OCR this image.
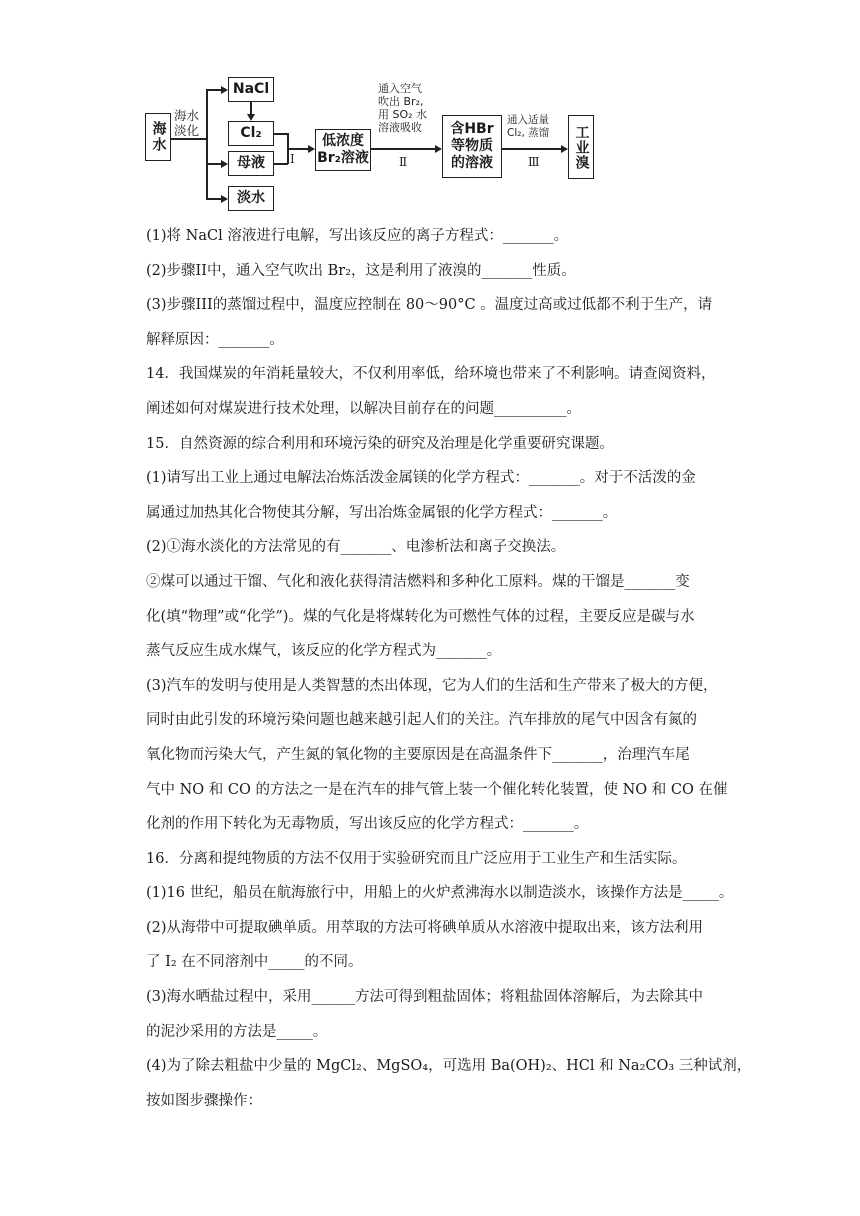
海水
海水
淡化
NaCl
Cl₂
母液
淡水
Ⅰ
低浓度
Br₂溶液
通入空气
吹出 Br₂,
用 SO₂ 水
溶液吸收
Ⅱ
含HBr
等物质
的溶液
通入适量
Cl₂, 蒸馏
Ⅲ 工业溴
(1)将 NaCl 溶液进行电解，写出该反应的离子方程式：_______。
(2)步骤II中，通入空气吹出 Br₂，这是利用了液溴的_______性质。
(3)步骤III的蒸馏过程中，温度应控制在 80～90°C 。温度过高或过低都不利于生产，请
解释原因：_______。
14．我国煤炭的年消耗量较大，不仅利用率低，给环境也带来了不利影响。请查阅资料，
阐述如何对煤炭进行技术处理，以解决目前存在的问题__________。
15．自然资源的综合利用和环境污染的研究及治理是化学重要研究课题。
(1)请写出工业上通过电解法冶炼活泼金属镁的化学方程式：_______。对于不活泼的金
属通过加热其化合物使其分解，写出冶炼金属银的化学方程式：_______。
(2)①海水淡化的方法常见的有_______、电渗析法和离子交换法。
②煤可以通过干馏、气化和液化获得清洁燃料和多种化工原料。煤的干馏是_______变
化(填“物理”或“化学”)。煤的气化是将煤转化为可燃性气体的过程，主要反应是碳与水
蒸气反应生成水煤气，该反应的化学方程式为_______。
(3)汽车的发明与使用是人类智慧的杰出体现，它为人们的生活和生产带来了极大的方便，
同时由此引发的环境污染问题也越来越引起人们的关注。汽车排放的尾气中因含有氮的
氧化物而污染大气，产生氮的氧化物的主要原因是在高温条件下_______，治理汽车尾
气中 NO 和 CO 的方法之一是在汽车的排气管上装一个催化转化装置，使 NO 和 CO 在催
化剂的作用下转化为无毒物质，写出该反应的化学方程式：_______。
16．分离和提纯物质的方法不仅用于实验研究而且广泛应用于工业生产和生活实际。
(1)16 世纪，船员在航海旅行中，用船上的火炉煮沸海水以制造淡水，该操作方法是_____。
(2)从海带中可提取碘单质。用萃取的方法可将碘单质从水溶液中提取出来，该方法利用
了 I₂ 在不同溶剂中_____的不同。
(3)海水晒盐过程中，采用______方法可得到粗盐固体；将粗盐固体溶解后，为去除其中
的泥沙采用的方法是_____。
(4)为了除去粗盐中少量的 MgCl₂、MgSO₄，可选用 Ba(OH)₂、HCl 和 Na₂CO₃ 三种试剂，
按如图步骤操作：
